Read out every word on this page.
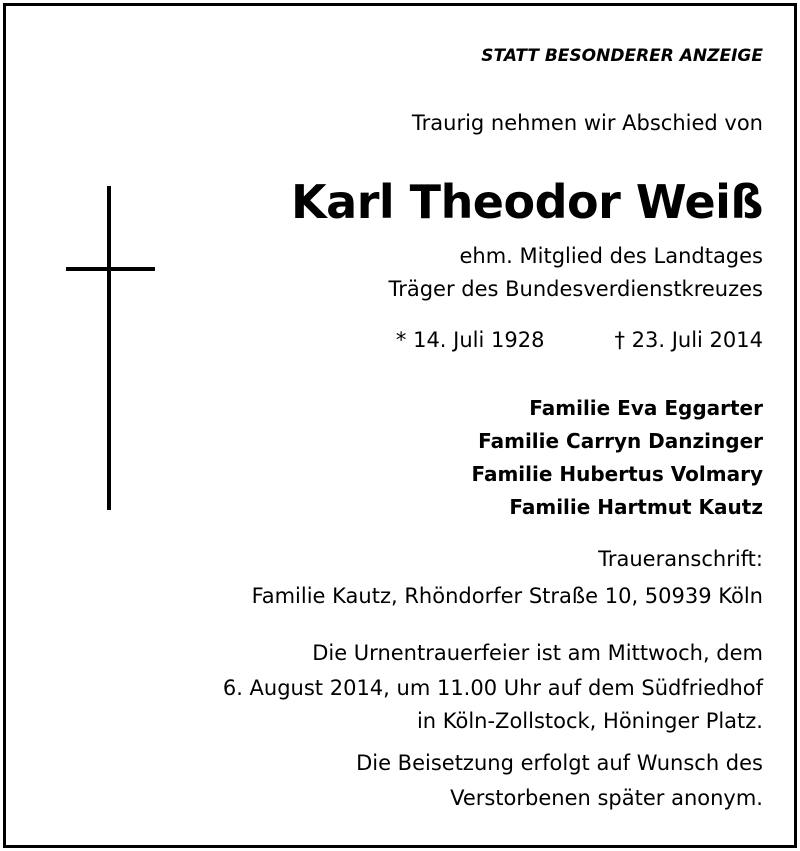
STATT BESONDERER ANZEIGE
Traurig nehmen wir Abschied von
Karl Theodor Weiß
ehm. Mitglied des Landtages
Träger des Bundesverdienstkreuzes
* 14. Juli 1928	† 23. Juli 2014
Familie Eva Eggarter
Familie Carryn Danzinger
Familie Hubertus Volmary
Familie Hartmut Kautz
Traueranschrift:
Familie Kautz, Rhöndorfer Straße 10, 50939 Köln
Die Urnentrauerfeier ist am Mittwoch, dem
6. August 2014, um 11.00 Uhr auf dem Südfriedhof
in Köln-Zollstock, Höninger Platz.
Die Beisetzung erfolgt auf Wunsch des
Verstorbenen später anonym.
